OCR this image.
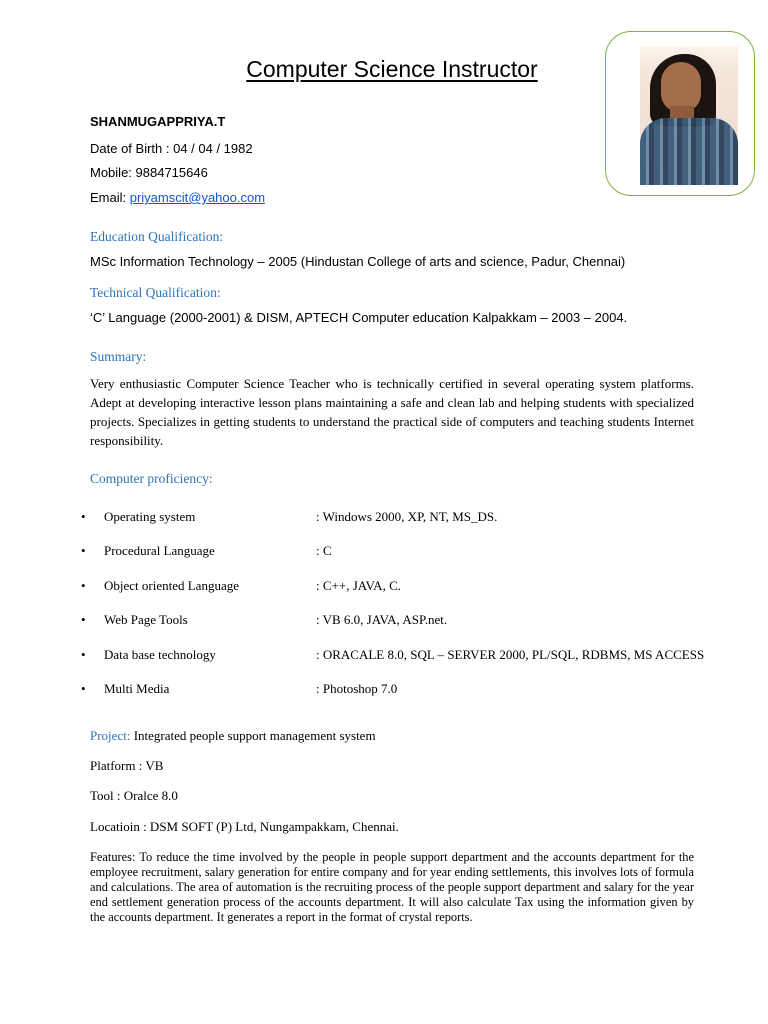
Computer Science Instructor
SHANMUGAPPRIYA.T
Date of Birth : 04 / 04 / 1982
Mobile: 9884715646
Email: priyamscit@yahoo.com
Education Qualification:
MSc Information Technology – 2005 (Hindustan College of arts and science, Padur, Chennai)
Technical Qualification:
‘C’ Language (2000-2001) & DISM, APTECH Computer education Kalpakkam – 2003 – 2004.
Summary:
Very enthusiastic Computer Science Teacher who is technically certified in several operating system platforms. Adept at developing interactive lesson plans maintaining a safe and clean lab and helping students with specialized projects. Specializes in getting students to understand the practical side of computers and teaching students Internet responsibility.
Computer proficiency:
• Operating system	: Windows 2000, XP, NT, MS_DS.
• Procedural Language	: C
• Object oriented Language	: C++, JAVA, C.
• Web Page Tools	: VB 6.0, JAVA, ASP.net.
• Data base technology	: ORACALE 8.0, SQL – SERVER 2000, PL/SQL, RDBMS, MS ACCESS
• Multi Media	: Photoshop 7.0
Project: Integrated people support management system
Platform : VB
Tool : Oralce 8.0
Locatioin : DSM SOFT (P) Ltd, Nungampakkam, Chennai.
Features: To reduce the time involved by the people in people support department and the accounts department for the employee recruitment, salary generation for entire company and for year ending settlements, this involves lots of formula and calculations. The area of automation is the recruiting process of the people support department and salary for the year end settlement generation process of the accounts department. It will also calculate Tax using the information given by the accounts department. It generates a report in the format of crystal reports.
